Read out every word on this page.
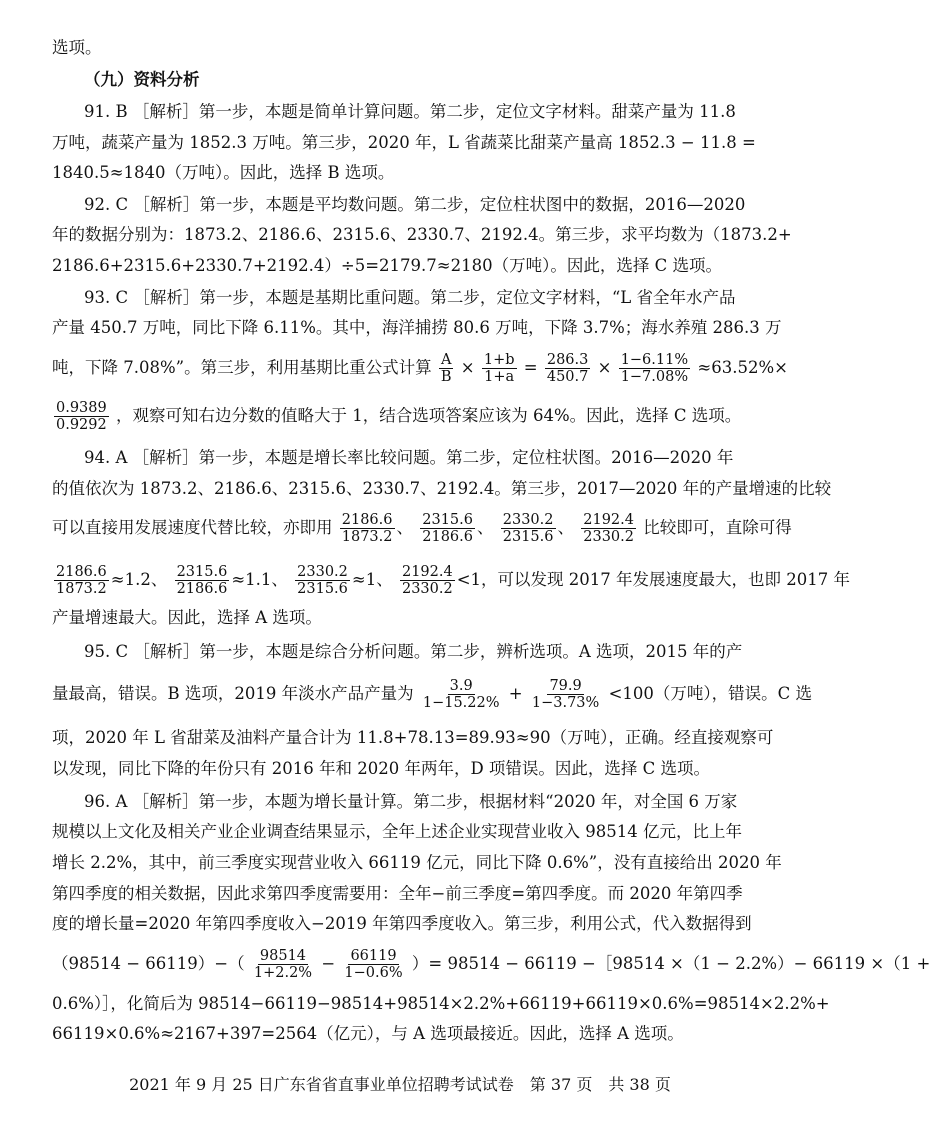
选项。
（九）资料分析
91. B ［解析］第一步，本题是简单计算问题。第二步，定位文字材料。甜菜产量为 11.8
万吨，蔬菜产量为 1852.3 万吨。第三步，2020 年，L 省蔬菜比甜菜产量高 1852.3 − 11.8 =
1840.5≈1840（万吨）。因此，选择 B 选项。
92. C ［解析］第一步，本题是平均数问题。第二步，定位柱状图中的数据，2016—2020
年的数据分别为：1873.2、2186.6、2315.6、2330.7、2192.4。第三步，求平均数为（1873.2+
2186.6+2315.6+2330.7+2192.4）÷5=2179.7≈2180（万吨）。因此，选择 C 选项。
93. C ［解析］第一步，本题是基期比重问题。第二步，定位文字材料，“L 省全年水产品
产量 450.7 万吨，同比下降 6.11%。其中，海洋捕捞 80.6 万吨，下降 3.7%；海水养殖 286.3 万
吨，下降 7.08%”。第三步，利用基期比重公式计算 $\frac{A}{B} \times \frac{1+b}{1+a} = \frac{286.3}{450.7} \times \frac{1-6.11\%}{1-7.08\%} \approx 63.52\%\times$
$\frac{0.9389}{0.9292}$ ，观察可知右边分数的值略大于 1，结合选项答案应该为 64%。因此，选择 C 选项。
94. A ［解析］第一步，本题是增长率比较问题。第二步，定位柱状图。2016—2020 年
的值依次为 1873.2、2186.6、2315.6、2330.7、2192.4。第三步，2017—2020 年的产量增速的比较
可以直接用发展速度代替比较，亦即用 $\frac{2186.6}{1873.2}$ 、 $\frac{2315.6}{2186.6}$ 、 $\frac{2330.2}{2315.6}$ 、 $\frac{2192.4}{2330.2}$ 比较即可，直除可得
$\frac{2186.6}{1873.2} \approx 1.2$、 $\frac{2315.6}{2186.6} \approx 1.1$、 $\frac{2330.2}{2315.6} \approx 1$、 $\frac{2192.4}{2330.2} <1$，可以发现 2017 年发展速度最大，也即 2017 年
产量增速最大。因此，选择 A 选项。
95. C ［解析］第一步，本题是综合分析问题。第二步，辨析选项。A 选项，2015 年的产
量最高，错误。B 选项，2019 年淡水产品产量为 $\frac{3.9}{1-15.22\%} + \frac{79.9}{1-3.73\%} <100$（万吨），错误。C 选
项，2020 年 L 省甜菜及油料产量合计为 11.8+78.13=89.93≈90（万吨），正确。经直接观察可
以发现，同比下降的年份只有 2016 年和 2020 年两年，D 项错误。因此，选择 C 选项。
96. A ［解析］第一步，本题为增长量计算。第二步，根据材料“2020 年，对全国 6 万家
规模以上文化及相关产业企业调查结果显示，全年上述企业实现营业收入 98514 亿元，比上年
增长 2.2%，其中，前三季度实现营业收入 66119 亿元，同比下降 0.6%”，没有直接给出 2020 年
第四季度的相关数据，因此求第四季度需要用：全年−前三季度=第四季度。而 2020 年第四季
度的增长量=2020 年第四季度收入−2019 年第四季度收入。第三步，利用公式，代入数据得到
$(98514 - 66119)-( \frac{98514}{1+2.2\%} - \frac{66119}{1-0.6\%}$ ）= 98514 − 66119 −［98514 ×（1 − 2.2%）− 66119 ×（1 +
0.6%）］，化简后为 98514−66119−98514+98514×2.2%+66119+66119×0.6%=98514×2.2%+
66119×0.6%≈2167+397=2564（亿元），与 A 选项最接近。因此，选择 A 选项。
2021 年 9 月 25 日广东省省直事业单位招聘考试试卷　第 37 页　共 38 页
